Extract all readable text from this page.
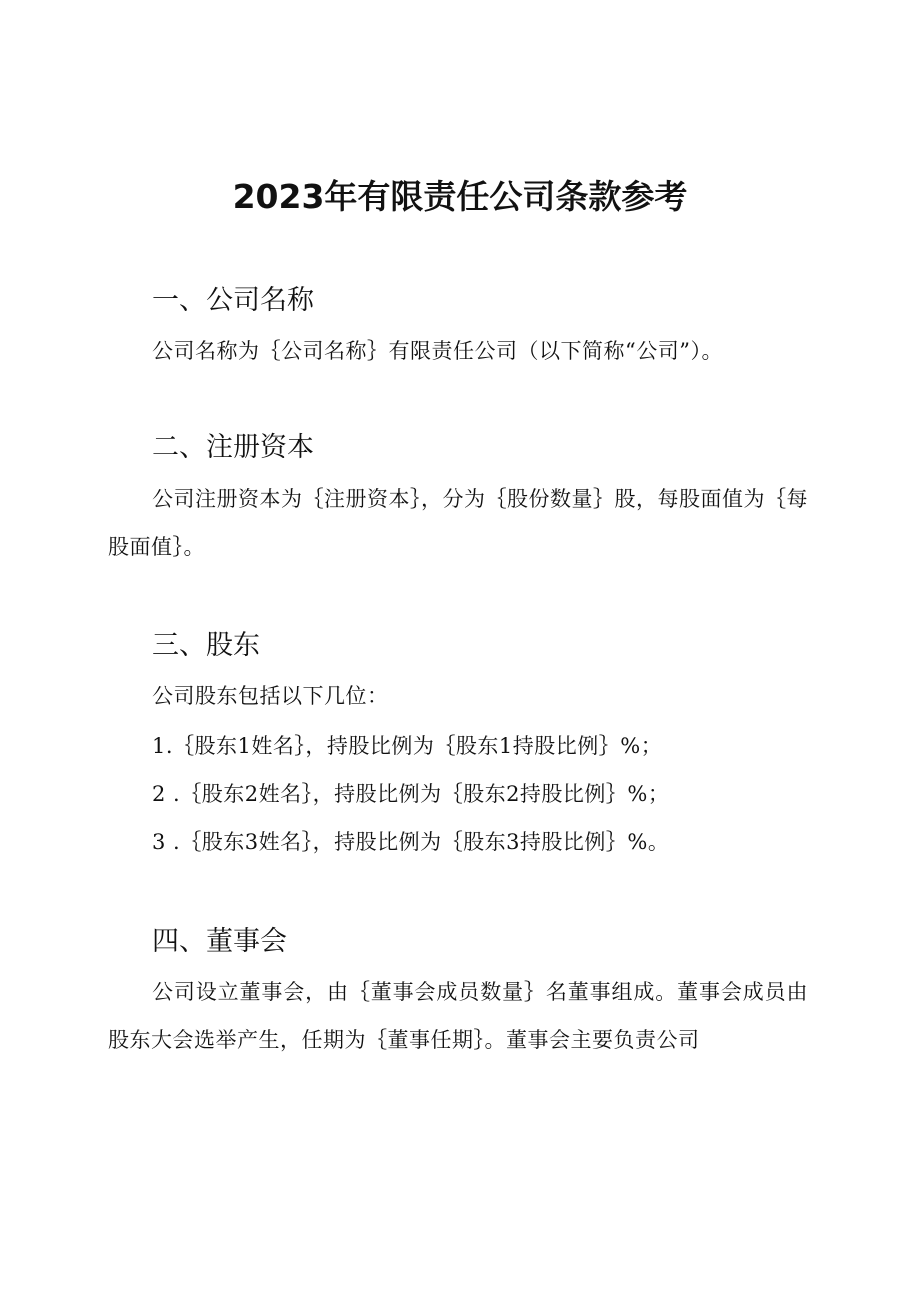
2023年有限责任公司条款参考
一、公司名称
公司名称为｛公司名称｝有限责任公司（以下简称“公司”）。
二、注册资本
公司注册资本为｛注册资本｝，分为｛股份数量｝股，每股面值为｛每股面值｝。
三、股东
公司股东包括以下几位：
1.｛股东1姓名｝，持股比例为｛股东1持股比例｝%；
2 .｛股东2姓名｝，持股比例为｛股东2持股比例｝%；
3 .｛股东3姓名｝，持股比例为｛股东3持股比例｝%。
四、董事会
公司设立董事会，由｛董事会成员数量｝名董事组成。董事会成员由股东大会选举产生，任期为｛董事任期｝。董事会主要负责公司
